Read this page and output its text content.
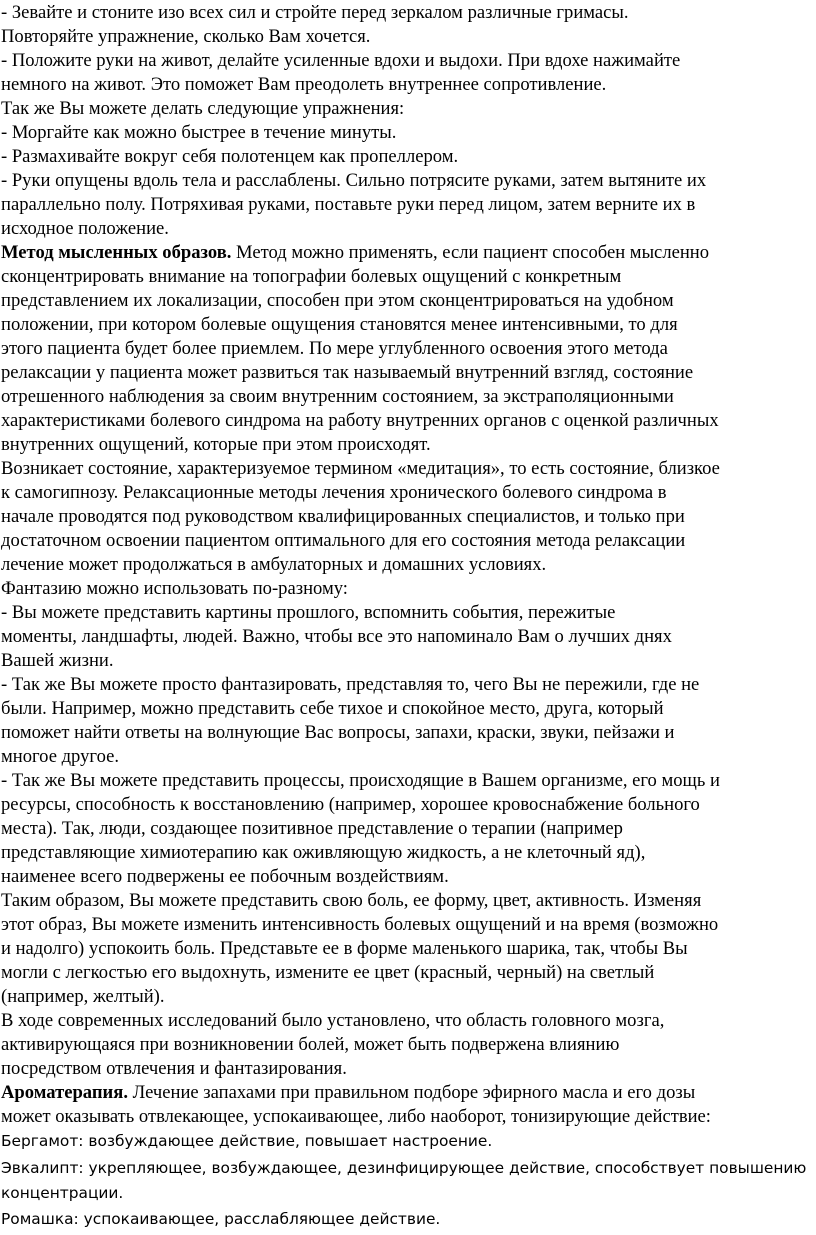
- Зевайте и стоните изо всех сил и стройте перед зеркалом различные гримасы.
Повторяйте упражнение, сколько Вам хочется.
- Положите руки на живот, делайте усиленные вдохи и выдохи. При вдохе нажимайте
немного на живот. Это поможет Вам преодолеть внутреннее сопротивление.
Так же Вы можете делать следующие упражнения:
- Моргайте как можно быстрее в течение минуты.
- Размахивайте вокруг себя полотенцем как пропеллером.
- Руки опущены вдоль тела и расслаблены. Сильно потрясите руками, затем вытяните их
параллельно полу. Потряхивая руками, поставьте руки перед лицом, затем верните их в
исходное положение.
Метод мысленных образов. Метод можно применять, если пациент способен мысленно
сконцентрировать внимание на топографии болевых ощущений с конкретным
представлением их локализации, способен при этом сконцентрироваться на удобном
положении, при котором болевые ощущения становятся менее интенсивными, то для
этого пациента будет более приемлем. По мере углубленного освоения этого метода
релаксации у пациента может развиться так называемый внутренний взгляд, состояние
отрешенного наблюдения за своим внутренним состоянием, за экстраполяционными
характеристиками болевого синдрома на работу внутренних органов с оценкой различных
внутренних ощущений, которые при этом происходят.
Возникает состояние, характеризуемое термином «медитация», то есть состояние, близкое
к самогипнозу. Релаксационные методы лечения хронического болевого синдрома в
начале проводятся под руководством квалифицированных специалистов, и только при
достаточном освоении пациентом оптимального для его состояния метода релаксации
лечение может продолжаться в амбулаторных и домашних условиях.
Фантазию можно использовать по-разному:
- Вы можете представить картины прошлого, вспомнить события, пережитые
моменты, ландшафты, людей. Важно, чтобы все это напоминало Вам о лучших днях
Вашей жизни.
- Так же Вы можете просто фантазировать, представляя то, чего Вы не пережили, где не
были. Например, можно представить себе тихое и спокойное место, друга, который
поможет найти ответы на волнующие Вас вопросы, запахи, краски, звуки, пейзажи и
многое другое.
- Так же Вы можете представить процессы, происходящие в Вашем организме, его мощь и
ресурсы, способность к восстановлению (например, хорошее кровоснабжение больного
места). Так, люди, создающее позитивное представление о терапии (например
представляющие химиотерапию как оживляющую жидкость, а не клеточный яд),
наименее всего подвержены ее побочным воздействиям.
Таким образом, Вы можете представить свою боль, ее форму, цвет, активность. Изменяя
этот образ, Вы можете изменить интенсивность болевых ощущений и на время (возможно
и надолго) успокоить боль. Представьте ее в форме маленького шарика, так, чтобы Вы
могли с легкостью его выдохнуть, измените ее цвет (красный, черный) на светлый
(например, желтый).
В ходе современных исследований было установлено, что область головного мозга,
активирующаяся при возникновении болей, может быть подвержена влиянию
посредством отвлечения и фантазирования.
Ароматерапия. Лечение запахами при правильном подборе эфирного масла и его дозы
может оказывать отвлекающее, успокаивающее, либо наоборот, тонизирующие действие:
Бергамот: возбуждающее действие, повышает настроение.
Эвкалипт: укрепляющее, возбуждающее, дезинфицирующее действие, способствует повышению
концентрации.
Ромашка: успокаивающее, расслабляющее действие.
